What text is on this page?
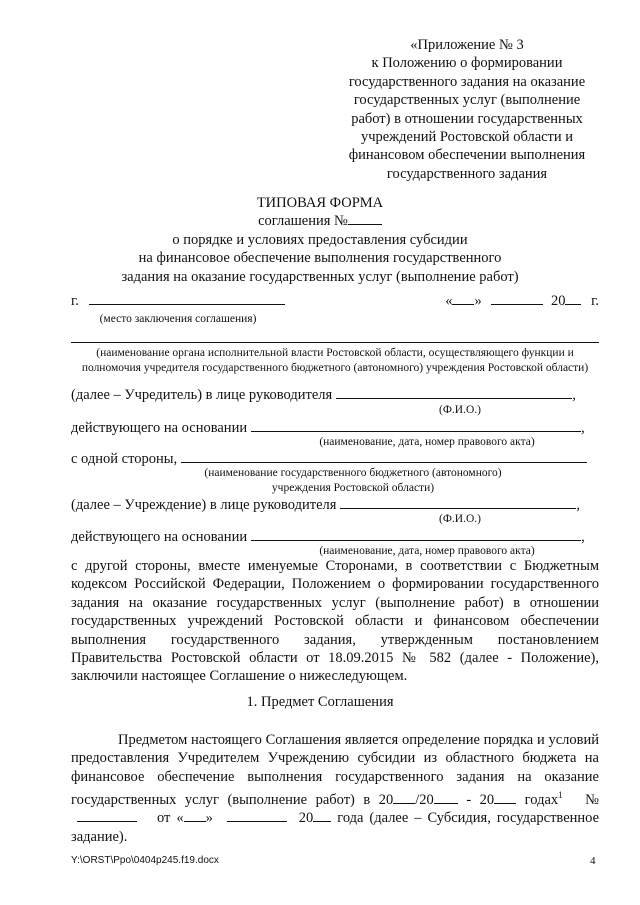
«Приложение № 3
к Положению о формировании
государственного задания на оказание
государственных услуг (выполнение
работ) в отношении государственных
учреждений Ростовской области и
финансовом обеспечении выполнения
государственного задания
ТИПОВАЯ ФОРМА
соглашения №
о порядке и условиях предоставления субсидии
на финансовое обеспечение выполнения государственного
задания на оказание государственных услуг (выполнение работ)
г.	« »	20 г.
(место заключения соглашения)
(наименование органа исполнительной власти Ростовской области, осуществляющего функции и полномочия учредителя государственного бюджетного (автономного) учреждения Ростовской области)
(далее – Учредитель) в лице руководителя	,
(Ф.И.О.)
действующего на основании	,
(наименование, дата, номер правового акта)
с одной стороны,
(наименование государственного бюджетного (автономного) учреждения Ростовской области)
(далее – Учреждение) в лице руководителя	,
(Ф.И.О.)
действующего на основании	,
(наименование, дата, номер правового акта)
с другой стороны, вместе именуемые Сторонами, в соответствии с Бюджетным кодексом Российской Федерации, Положением о формировании государственного задания на оказание государственных услуг (выполнение работ) в отношении государственных учреждений Ростовской области и финансовом обеспечении выполнения государственного задания, утвержденным постановлением Правительства Ростовской области от 18.09.2015 № 582 (далее - Положение), заключили настоящее Соглашение о нижеследующем.
1. Предмет Соглашения
Предметом настоящего Соглашения является определение порядка и условий предоставления Учредителем Учреждению субсидии из областного бюджета на финансовое обеспечение выполнения государственного задания на оказание государственных услуг (выполнение работ) в 20 /20 - 20 годах$^1$ № от « »	20 года (далее – Субсидия, государственное задание).
Y:\ORST\Ppo\0404p245.f19.docx	4
